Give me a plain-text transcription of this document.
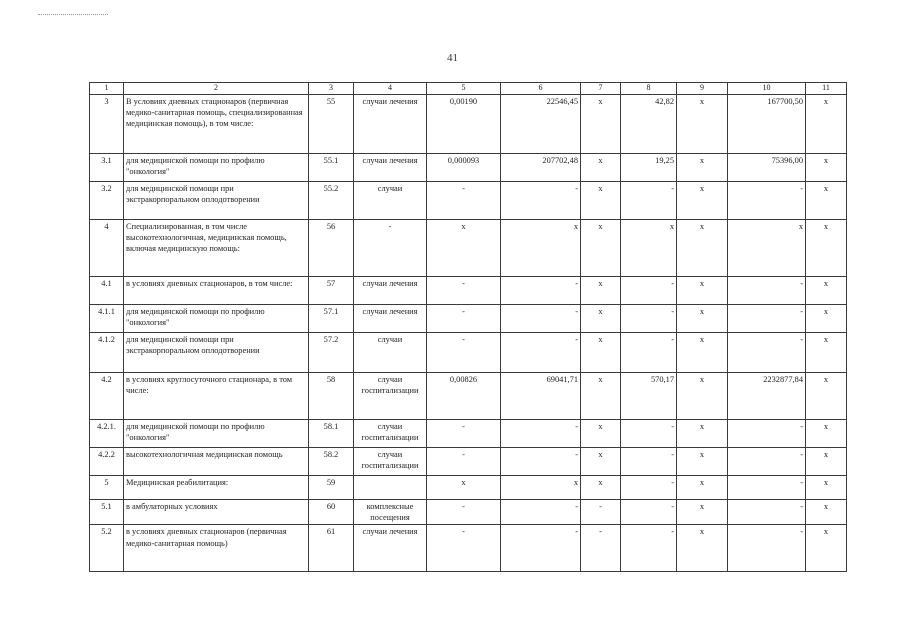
41
1	2	3	4	5	6	7	8	9	10	11
3	В условиях дневных стационаров (первичная медико-санитарная помощь, специализированная медицинская помощь), в том числе:	55	случаи лечения	0,00190	22546,45	х	42,82	х	167700,50	х
3.1	для медицинской помощи по профилю "онкология"	55.1	случаи лечения	0,000093	207702,48	х	19,25	х	75396,00	х
3.2	для медицинской помощи при экстракорпоральном оплодотворении	55.2	случаи	-	-	х	-	х	-	х
4	Специализированная, в том числе высокотехнологичная, медицинская помощь, включая медицинскую помощь:	56	-	х	х	х	х	х	х	х
4.1	в условиях дневных стационаров, в том числе:	57	случаи лечения	-	-	х	-	х	-	х
4.1.1	для медицинской помощи по профилю "онкология"	57.1	случаи лечения	-	-	х	-	х	-	х
4.1.2	для медицинской помощи при экстракорпоральном оплодотворении	57.2	случаи	-	-	х	-	х	-	х
4.2	в условиях круглосуточного стационара, в том числе:	58	случаи госпитализации	0,00826	69041,71	х	570,17	х	2232877,84	х
4.2.1.	для медицинской помощи по профилю "онкология"	58.1	случаи госпитализации	-	-	х	-	х	-	х
4.2.2	высокотехнологичная медицинская помощь	58.2	случаи госпитализации	-	-	х	-	х	-	х
5	Медицинская реабилитация:	59		х	х	х	-	х	-	х
5.1	в амбулаторных условиях	60	комплексные посещения	-	-	-	-	х	-	х
5.2	в условиях дневных стационаров (первичная медико-санитарная помощь)	61	случаи лечения	-	-	-	-	х	-	х
